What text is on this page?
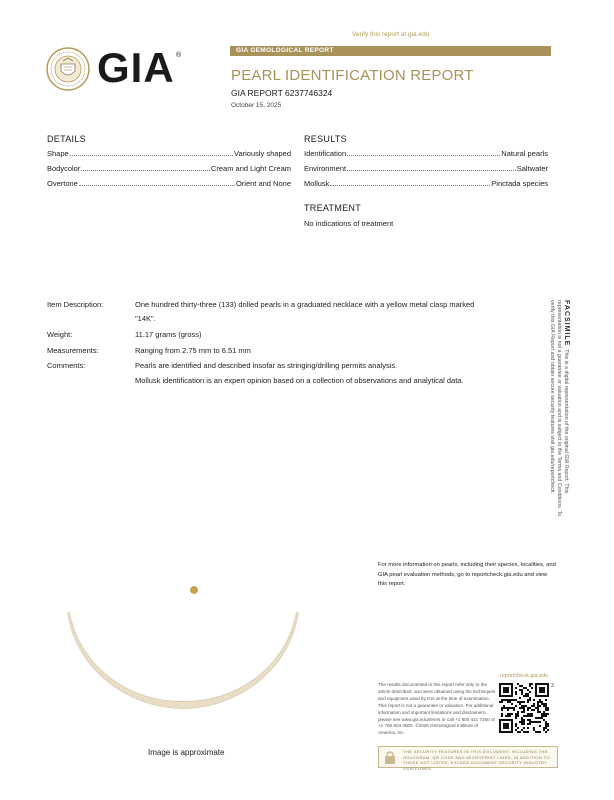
Verify this report at gia.edu
GIA ®
GIA GEMOLOGICAL REPORT
PEARL IDENTIFICATION REPORT
GIA REPORT 6237746324
October 15, 2025
DETAILS
Shape	Variously shaped
Bodycolor	Cream and Light Cream
Overtone	Orient and None
RESULTS
Identification	Natural pearls
Environment	Saltwater
Mollusk	Pinctada species
TREATMENT
No indications of treatment
Item Description:	One hundred thirty-three (133) drilled pearls in a graduated necklace with a yellow metal clasp marked
"14K".
Weight:	11.17 grams (gross)
Measurements:	Ranging from 2.75 mm to 6.51 mm
Comments:	Pearls are identified and described insofar as stringing/drilling permits analysis.
Mollusk identification is an expert opinion based on a collection of observations and analytical data.
FACSIMILE  This is a digital representation of the original GIA Report. This representation is not a guarantee or valuation and is subject to the Terms and Conditions. To verify this GIA Report and obtain secure security features visit gia.edu/reportcheck.
For more information on pearls, including their species, localities, and GIA pearl evaluation methods, go to reportcheck.gia.edu and view this report.
reportcheck.gia.edu
The results documented in this report refer only to the article described, and were obtained using the techniques and equipment used by GIA at the time of examination. This report is not a guarantee or valuation. For additional information and important limitations and disclaimers, please see www.gia.edu/terms or call +1 800 421 7250 or +1 760 603 4500. ©2025 Gemological Institute of America, Inc.
3
THE SECURITY FEATURES IN THIS DOCUMENT, INCLUDING THE HOLOGRAM, QR CODE AND MICROPRINT LINES, IN ADDITION TO THOSE NOT LISTED, EXCEED DOCUMENT SECURITY INDUSTRY GUIDELINES.
Image is approximate
